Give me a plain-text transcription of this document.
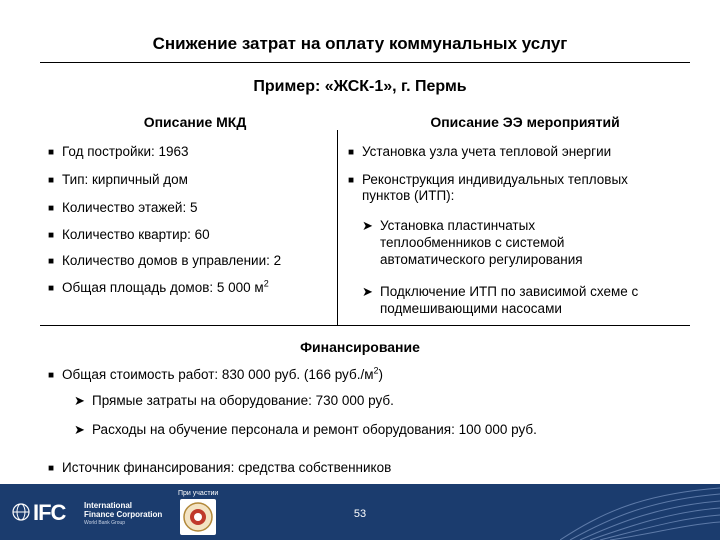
Снижение затрат на оплату коммунальных услуг
Пример: «ЖСК-1», г. Пермь
Описание МКД	Описание ЭЭ мероприятий
■ Год постройки: 1963
■ Тип: кирпичный дом
■ Количество этажей: 5
■ Количество квартир: 60
■ Количество домов в управлении: 2
■ Общая площадь домов: 5 000 $м^2$
■ Установка узла учета тепловой энергии
■ Реконструкция индивидуальных тепловых
пунктов (ИТП):
➤ Установка пластинчатых
теплообменников с системой
автоматического регулирования
➤ Подключение ИТП по зависимой схеме с
подмешивающими насосами
Финансирование
■ Общая стоимость работ: 830 000 руб. (166 $руб./м^2$)
➤ Прямые затраты на оборудование: 730 000 руб.
➤ Расходы на обучение персонала и ремонт оборудования: 100 000 руб.
■ Источник финансирования: средства собственников
IFC International
Finance Corporation
World Bank Group
При участии
53
